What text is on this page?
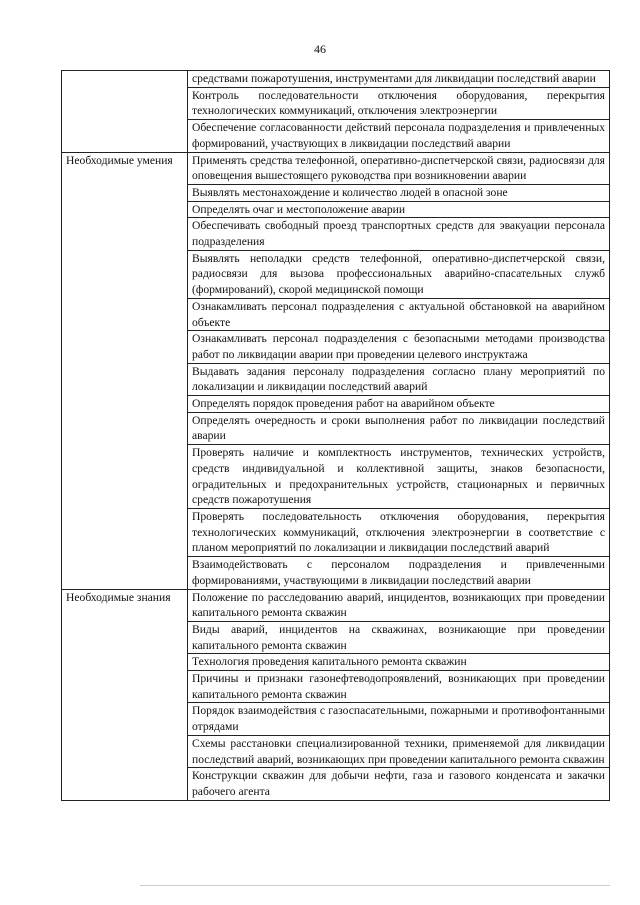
46
	средствами пожаротушения, инструментами для ликвидации последствий аварии
	Контроль последовательности отключения оборудования, перекрытия технологических коммуникаций, отключения электроэнергии
	Обеспечение согласованности действий персонала подразделения и привлеченных формирований, участвующих в ликвидации последствий аварии
Необходимые умения	Применять средства телефонной, оперативно-диспетчерской связи, радиосвязи для оповещения вышестоящего руководства при возникновении аварии
	Выявлять местонахождение и количество людей в опасной зоне
	Определять очаг и местоположение аварии
	Обеспечивать свободный проезд транспортных средств для эвакуации персонала подразделения
	Выявлять неполадки средств телефонной, оперативно-диспетчерской связи, радиосвязи для вызова профессиональных аварийно-спасательных служб (формирований), скорой медицинской помощи
	Ознакамливать персонал подразделения с актуальной обстановкой на аварийном объекте
	Ознакамливать персонал подразделения с безопасными методами производства работ по ликвидации аварии при проведении целевого инструктажа
	Выдавать задания персоналу подразделения согласно плану мероприятий по локализации и ликвидации последствий аварий
	Определять порядок проведения работ на аварийном объекте
	Определять очередность и сроки выполнения работ по ликвидации последствий аварии
	Проверять наличие и комплектность инструментов, технических устройств, средств индивидуальной и коллективной защиты, знаков безопасности, оградительных и предохранительных устройств, стационарных и первичных средств пожаротушения
	Проверять последовательность отключения оборудования, перекрытия технологических коммуникаций, отключения электроэнергии в соответствие с планом мероприятий по локализации и ликвидации последствий аварий
	Взаимодействовать с персоналом подразделения и привлеченными формированиями, участвующими в ликвидации последствий аварии
Необходимые знания	Положение по расследованию аварий, инцидентов, возникающих при проведении капитального ремонта скважин
	Виды аварий, инцидентов на скважинах, возникающие при проведении капитального ремонта скважин
	Технология проведения капитального ремонта скважин
	Причины и признаки газонефтеводопроявлений, возникающих при проведении капитального ремонта скважин
	Порядок взаимодействия с газоспасательными, пожарными и противофонтанными отрядами
	Схемы расстановки специализированной техники, применяемой для ликвидации последствий аварий, возникающих при проведении капитального ремонта скважин
	Конструкции скважин для добычи нефти, газа и газового конденсата и закачки рабочего агента
